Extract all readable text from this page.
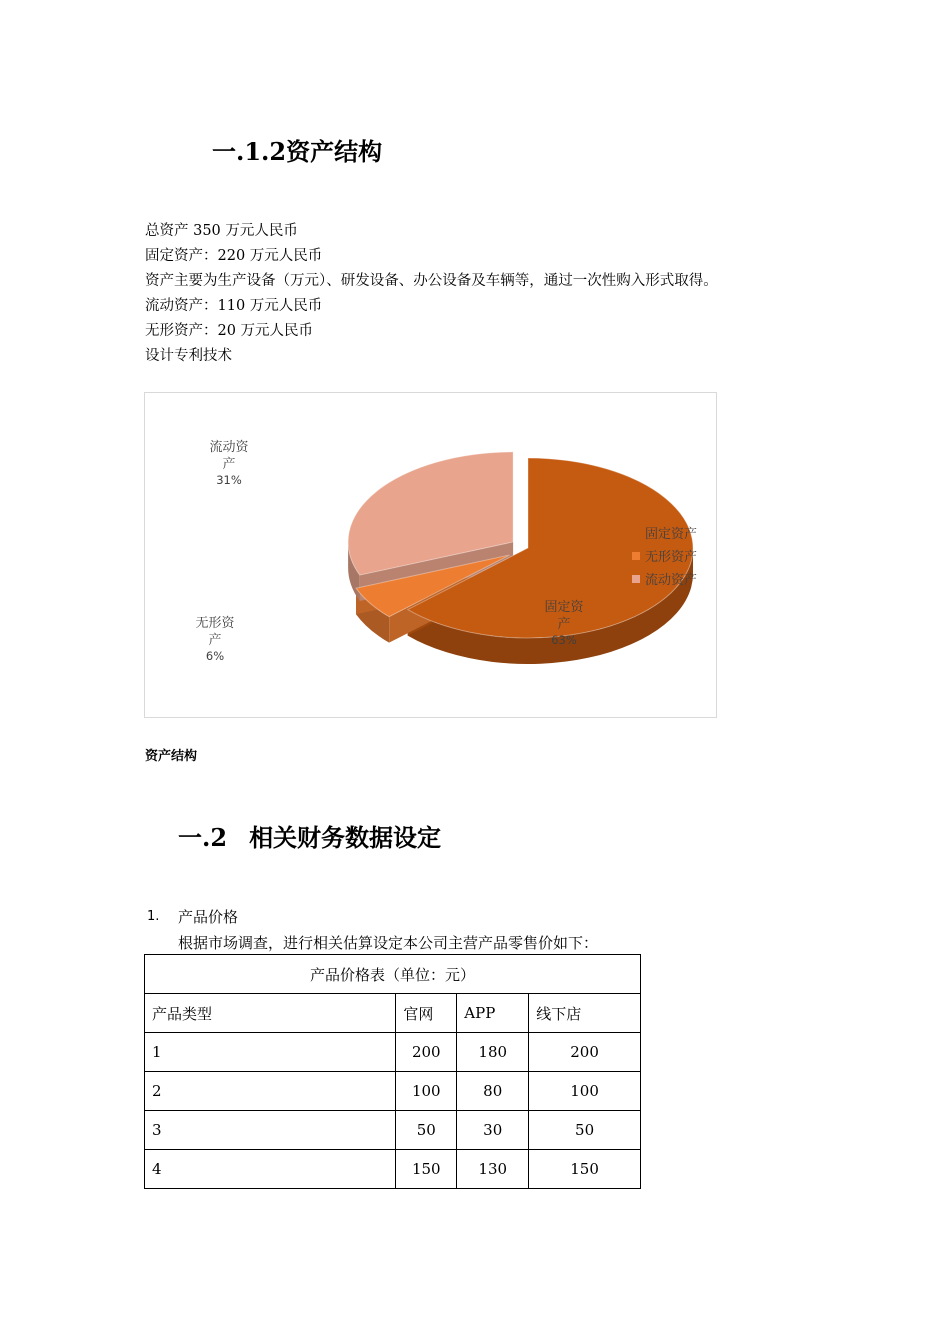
一.1.2资产结构
总资产 350 万元人民币
固定资产：220 万元人民币
资产主要为生产设备（万元）、研发设备、办公设备及车辆等，通过一次性购入形式取得。
流动资产：110 万元人民币
无形资产：20 万元人民币
设计专利技术
固定资
产
63%
无形资
产
6%
流动资
产
31%
固定资产
无形资产
流动资产
资产结构
一.2 相关财务数据设定
1. 产品价格
根据市场调查，进行相关估算设定本公司主营产品零售价如下：
产品价格表（单位：元）			
产品类型	官网	APP	线下店
1	200	180	200
2	100	80	100
3	50	30	50
4	150	130	150
